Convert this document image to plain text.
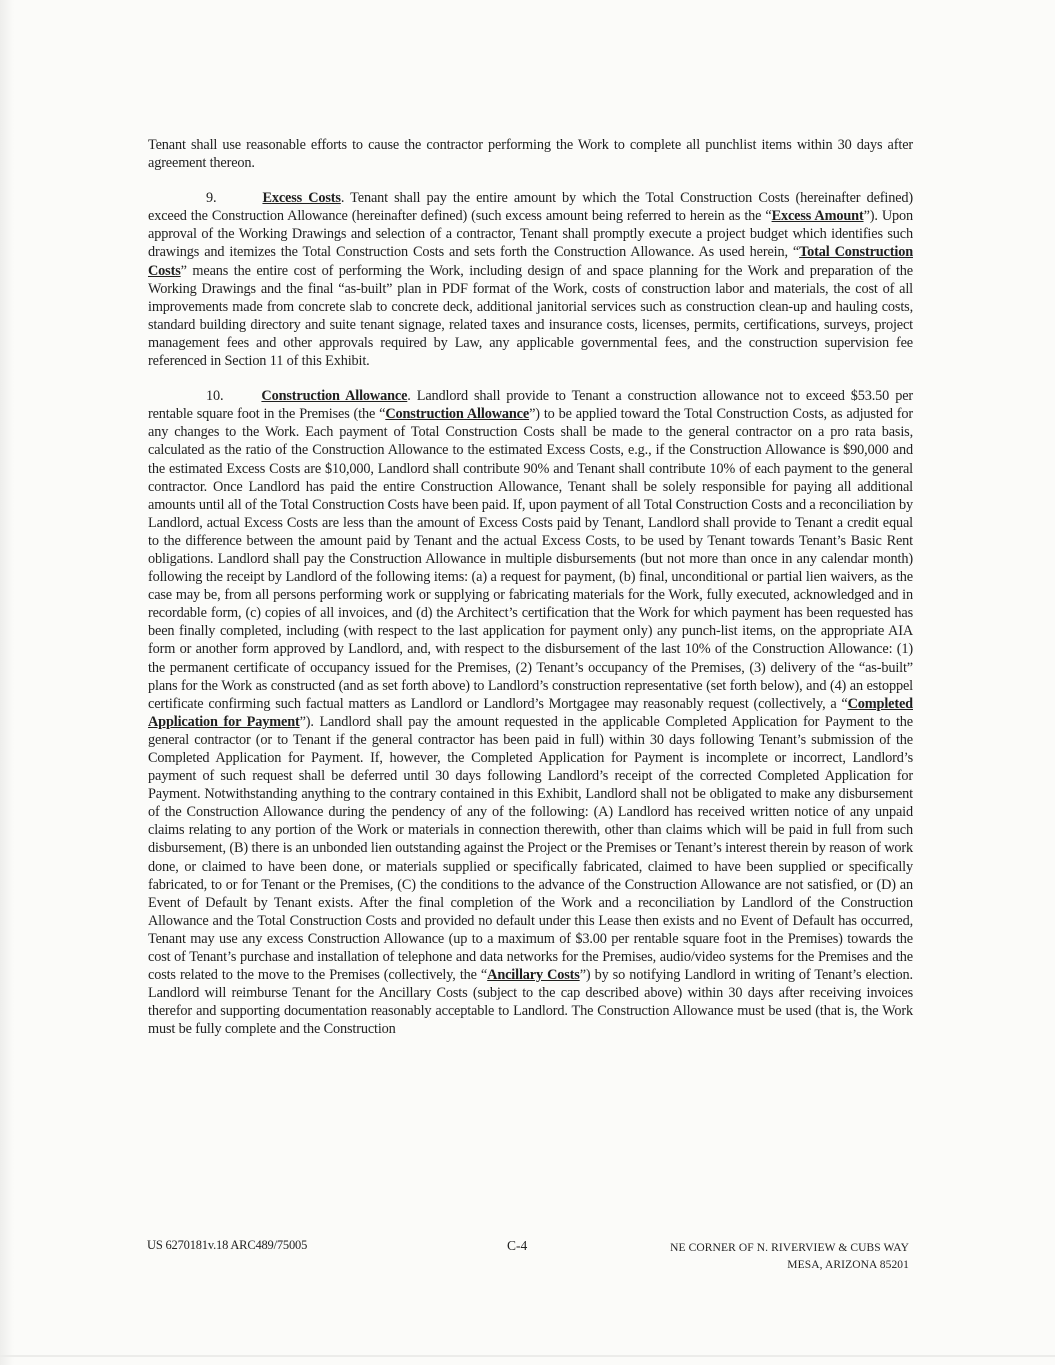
Tenant shall use reasonable efforts to cause the contractor performing the Work to complete all punchlist items within 30 days after agreement thereon.

9.	Excess Costs. Tenant shall pay the entire amount by which the Total Construction Costs (hereinafter defined) exceed the Construction Allowance (hereinafter defined) (such excess amount being referred to herein as the “Excess Amount”). Upon approval of the Working Drawings and selection of a contractor, Tenant shall promptly execute a project budget which identifies such drawings and itemizes the Total Construction Costs and sets forth the Construction Allowance. As used herein, “Total Construction Costs” means the entire cost of performing the Work, including design of and space planning for the Work and preparation of the Working Drawings and the final “as-built” plan in PDF format of the Work, costs of construction labor and materials, the cost of all improvements made from concrete slab to concrete deck, additional janitorial services such as construction clean-up and hauling costs, standard building directory and suite tenant signage, related taxes and insurance costs, licenses, permits, certifications, surveys, project management fees and other approvals required by Law, any applicable governmental fees, and the construction supervision fee referenced in Section 11 of this Exhibit.

10.	Construction Allowance. Landlord shall provide to Tenant a construction allowance not to exceed $53.50 per rentable square foot in the Premises (the “Construction Allowance”) to be applied toward the Total Construction Costs, as adjusted for any changes to the Work. Each payment of Total Construction Costs shall be made to the general contractor on a pro rata basis, calculated as the ratio of the Construction Allowance to the estimated Excess Costs, e.g., if the Construction Allowance is $90,000 and the estimated Excess Costs are $10,000, Landlord shall contribute 90% and Tenant shall contribute 10% of each payment to the general contractor. Once Landlord has paid the entire Construction Allowance, Tenant shall be solely responsible for paying all additional amounts until all of the Total Construction Costs have been paid. If, upon payment of all Total Construction Costs and a reconciliation by Landlord, actual Excess Costs are less than the amount of Excess Costs paid by Tenant, Landlord shall provide to Tenant a credit equal to the difference between the amount paid by Tenant and the actual Excess Costs, to be used by Tenant towards Tenant’s Basic Rent obligations. Landlord shall pay the Construction Allowance in multiple disbursements (but not more than once in any calendar month) following the receipt by Landlord of the following items: (a) a request for payment, (b) final, unconditional or partial lien waivers, as the case may be, from all persons performing work or supplying or fabricating materials for the Work, fully executed, acknowledged and in recordable form, (c) copies of all invoices, and (d) the Architect’s certification that the Work for which payment has been requested has been finally completed, including (with respect to the last application for payment only) any punch-list items, on the appropriate AIA form or another form approved by Landlord, and, with respect to the disbursement of the last 10% of the Construction Allowance: (1) the permanent certificate of occupancy issued for the Premises, (2) Tenant’s occupancy of the Premises, (3) delivery of the “as-built” plans for the Work as constructed (and as set forth above) to Landlord’s construction representative (set forth below), and (4) an estoppel certificate confirming such factual matters as Landlord or Landlord’s Mortgagee may reasonably request (collectively, a “Completed Application for Payment”). Landlord shall pay the amount requested in the applicable Completed Application for Payment to the general contractor (or to Tenant if the general contractor has been paid in full) within 30 days following Tenant’s submission of the Completed Application for Payment. If, however, the Completed Application for Payment is incomplete or incorrect, Landlord’s payment of such request shall be deferred until 30 days following Landlord’s receipt of the corrected Completed Application for Payment. Notwithstanding anything to the contrary contained in this Exhibit, Landlord shall not be obligated to make any disbursement of the Construction Allowance during the pendency of any of the following: (A) Landlord has received written notice of any unpaid claims relating to any portion of the Work or materials in connection therewith, other than claims which will be paid in full from such disbursement, (B) there is an unbonded lien outstanding against the Project or the Premises or Tenant’s interest therein by reason of work done, or claimed to have been done, or materials supplied or specifically fabricated, claimed to have been supplied or specifically fabricated, to or for Tenant or the Premises, (C) the conditions to the advance of the Construction Allowance are not satisfied, or (D) an Event of Default by Tenant exists. After the final completion of the Work and a reconciliation by Landlord of the Construction Allowance and the Total Construction Costs and provided no default under this Lease then exists and no Event of Default has occurred, Tenant may use any excess Construction Allowance (up to a maximum of $3.00 per rentable square foot in the Premises) towards the cost of Tenant’s purchase and installation of telephone and data networks for the Premises, audio/video systems for the Premises and the costs related to the move to the Premises (collectively, the “Ancillary Costs”) by so notifying Landlord in writing of Tenant’s election. Landlord will reimburse Tenant for the Ancillary Costs (subject to the cap described above) within 30 days after receiving invoices therefor and supporting documentation reasonably acceptable to Landlord. The Construction Allowance must be used (that is, the Work must be fully complete and the Construction

US 6270181v.18 ARC489/75005	C-4	NE CORNER OF N. RIVERVIEW & CUBS WAY
MESA, ARIZONA 85201
